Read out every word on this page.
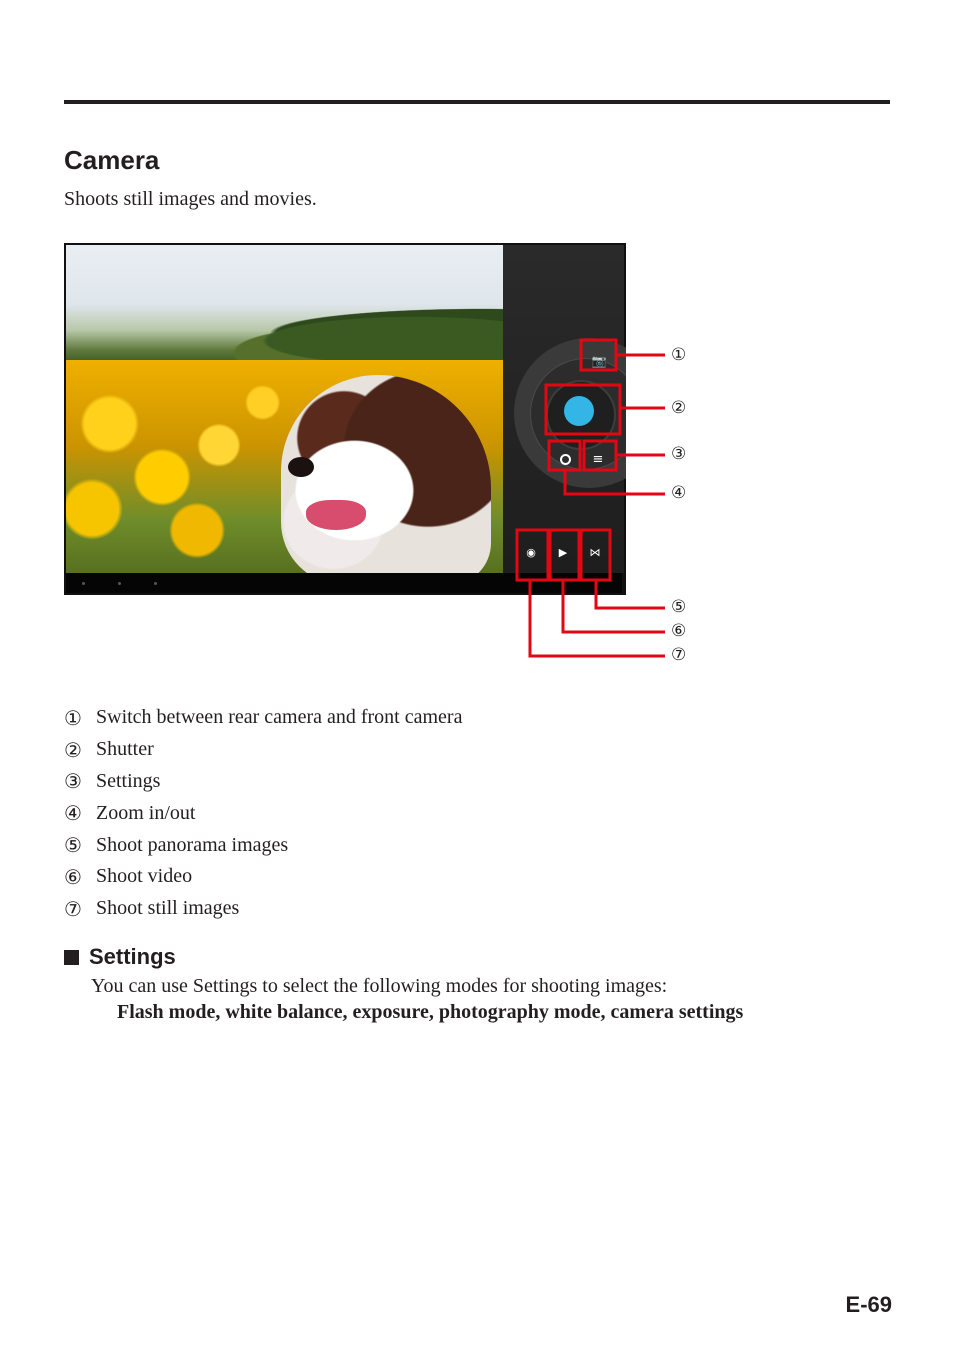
Camera
Shoots still images and movies.
📷
≡
◉	▶	⋈
①
②
③
④
⑤
⑥
⑦
① Switch between rear camera and front camera
② Shutter
③ Settings
④ Zoom in/out
⑤ Shoot panorama images
⑥ Shoot video
⑦ Shoot still images
Settings
You can use Settings to select the following modes for shooting images:
Flash mode, white balance, exposure, photography mode, camera settings
E-69
